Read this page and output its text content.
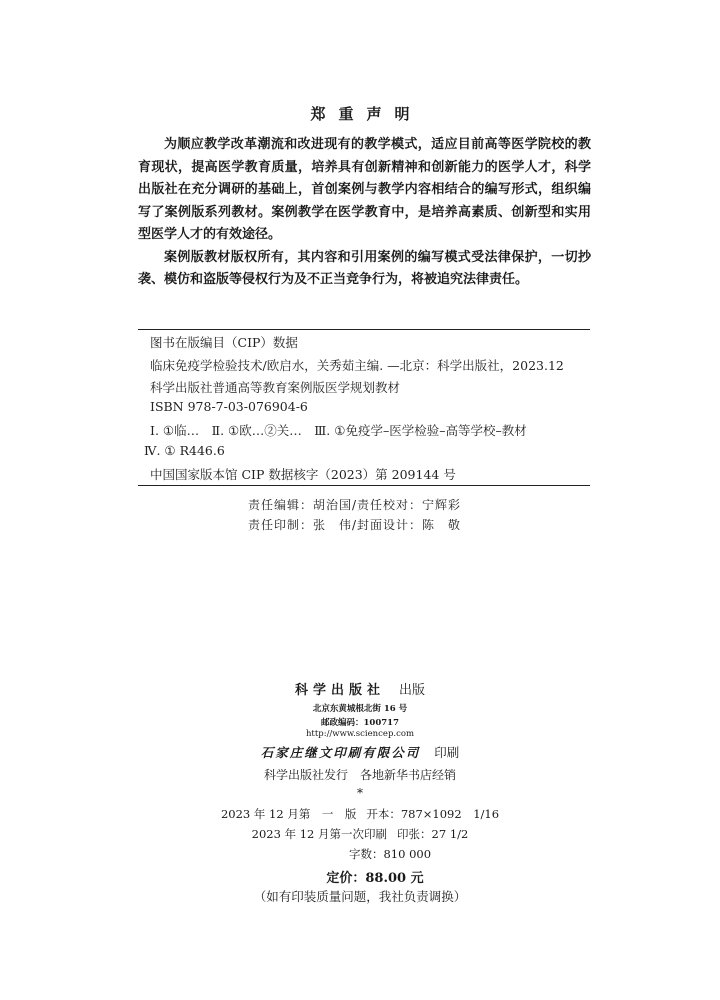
郑重声明

为顺应教学改革潮流和改进现有的教学模式，适应目前高等医学院校的教育现状，提高医学教育质量，培养具有创新精神和创新能力的医学人才，科学出版社在充分调研的基础上，首创案例与教学内容相结合的编写形式，组织编写了案例版系列教材。案例教学在医学教育中，是培养高素质、创新型和实用型医学人才的有效途径。

案例版教材版权所有，其内容和引用案例的编写模式受法律保护，一切抄袭、模仿和盗版等侵权行为及不正当竞争行为，将被追究法律责任。

图书在版编目（CIP）数据
临床免疫学检验技术/欧启水，关秀茹主编. —北京：科学出版社，2023.12
科学出版社普通高等教育案例版医学规划教材
ISBN 978-7-03-076904-6
Ⅰ. ①临…　Ⅱ. ①欧…②关…　Ⅲ. ①免疫学–医学检验–高等学校–教材
Ⅳ. ① R446.6
中国国家版本馆 CIP 数据核字（2023）第 209144 号
责任编辑：胡治国/责任校对：宁辉彩
责任印制：张　伟/封面设计：陈　敬
科学出版社 出版
北京东黄城根北街 16 号
邮政编码：100717
http://www.sciencep.com
石家庄继文印刷有限公司 印刷
科学出版社发行　各地新华书店经销
*
2023 年 12 月第　一　版 开本：787×1092　1/16
2023 年 12 月第一次印刷 印张：27 1/2
字数：810 000
定价：88.00 元
（如有印装质量问题，我社负责调换）
